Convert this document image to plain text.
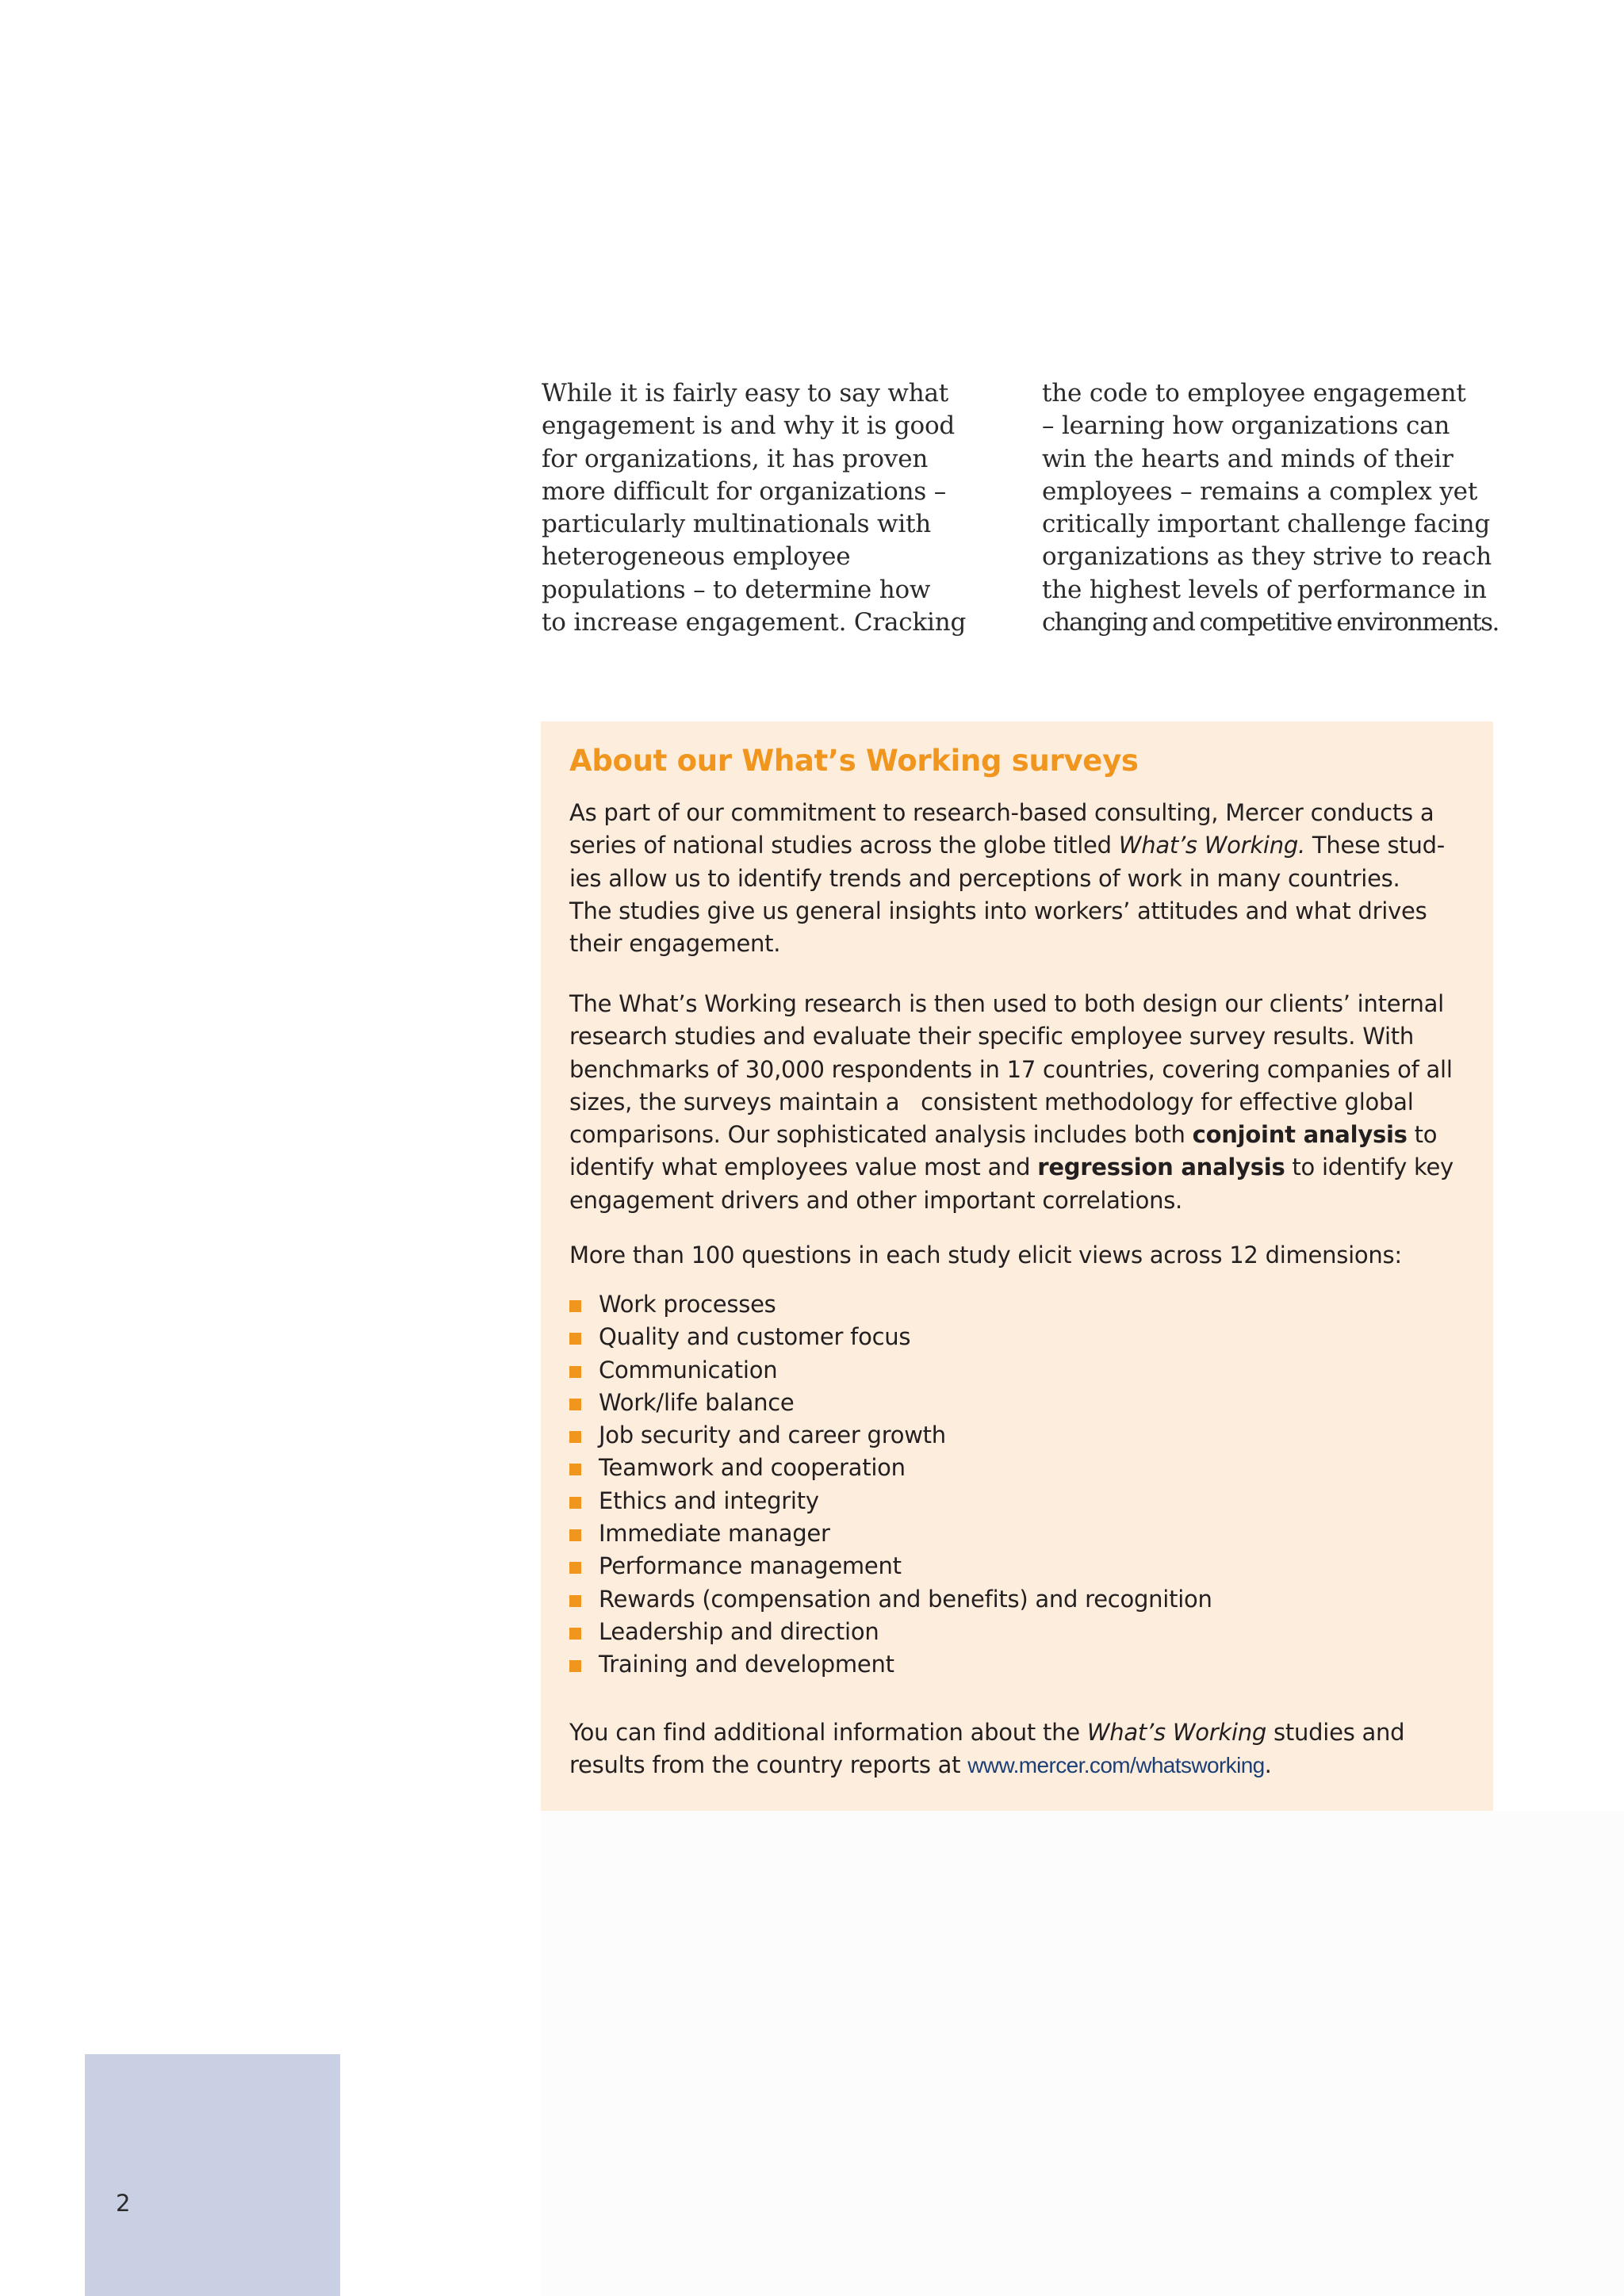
While it is fairly easy to say what
engagement is and why it is good
for organizations, it has proven
more difficult for organizations –
particularly multinationals with
heterogeneous employee
populations – to determine how
to increase engagement. Cracking
the code to employee engagement
– learning how organizations can
win the hearts and minds of their
employees – remains a complex yet
critically important challenge facing
organizations as they strive to reach
the highest levels of performance in
changing and competitive environments.
About our What’s Working surveys
As part of our commitment to research-based consulting, Mercer conducts a
series of national studies across the globe titled What’s Working. These stud-
ies allow us to identify trends and perceptions of work in many countries.
The studies give us general insights into workers’ attitudes and what drives
their engagement.
The What’s Working research is then used to both design our clients’ internal
research studies and evaluate their specific employee survey results. With
benchmarks of 30,000 respondents in 17 countries, covering companies of all
sizes, the surveys maintain a   consistent methodology for effective global
comparisons. Our sophisticated analysis includes both conjoint analysis to
identify what employees value most and regression analysis to identify key
engagement drivers and other important correlations.
More than 100 questions in each study elicit views across 12 dimensions:
Work processes
Quality and customer focus
Communication
Work/life balance
Job security and career growth
Teamwork and cooperation
Ethics and integrity
Immediate manager
Performance management
Rewards (compensation and benefits) and recognition
Leadership and direction
Training and development
You can find additional information about the What’s Working studies and
results from the country reports at www.mercer.com/whatsworking.
2
